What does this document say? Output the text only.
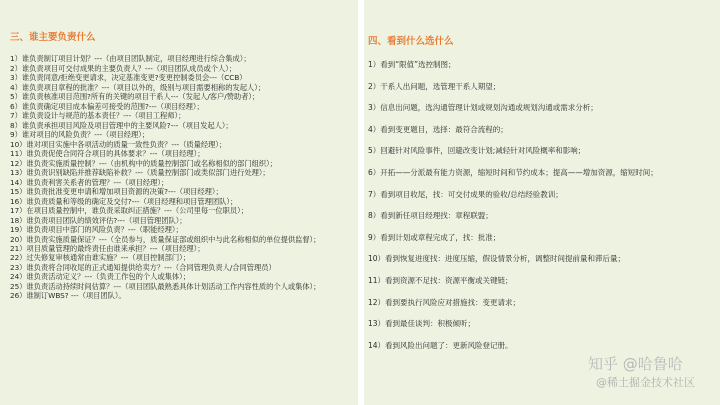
三、谁主要负责什么
1）谁负责制订项目计划？---（由项目团队制定，项目经理进行综合集成）；
2）谁负责项目可交付成果的主要负责人？---（项目团队成员或个人）；
3）谁负责同意/拒绝变更请求，决定基准变更?变更控制委员会---（CCB）
4）谁负责项目章程的批准？---（项目以外的，级别与项目需要相称的发起人）；
5）谁负责核准项目范围?所有的关键的项目干系人---（发起人/客户/赞助者）；
6）谁负责确定项目成本偏差可接受的范围?---（项目经理）；
7）谁负责设计与规范的基本责任？---（项目工程师）；
8）谁负责承担项目风险及项目管理中的主要风险?---（项目发起人）；
9）谁对项目的风险负责？---（项目经理）；
10）谁对项目实施中各项活动的质量一致性负责？---（质量经理）；
11）谁负责促使合同符合项目的具体要求？---（项目经理）；
12）谁负责实施质量控制？---（由机构中的质量控制部门或名称相似的部门组织）；
13）谁负责识别缺陷并推荐缺陷补救？---（质量控制部门或类似部门进行处理）；
14）谁负责利害关系者的管理？---（项目经理）；
15）谁负责批准变更申请和增加项目资源的决策?---（项目经理）；
16）谁负责质量和等级的确定及交付?---（项目经理和项目管理团队）；
17）在项目质量控制中，谁负责采取纠正措施？---（公司里每一位职员）；
18）谁负责项目团队的绩效评估?---（项目管理团队）；
19）谁负责项目中部门的风险负责？---（职能经理）；
20）谁负责实施质量保证？---（全员参与，质量保证部或组织中与此名称相似的单位提供监督）；
21）项目质量管理的最终责任由谁来承担？---（项目经理）；
22）过失修复审核通常由谁实施？---（项目控制部门）；
23）谁负责将合同收尾的正式通知提供给卖方？---（合同管理负责人/合同管理员）
24）谁负责活动定义？---（负责工作包的个人或集体）；
25）谁负责活动持续时间估算？---（项目团队最熟悉具体计划活动工作内容性质的个人或集体）；
26）谁制订WBS? ---（项目团队）。
四、看到什么选什么
1）看到“限值”选控制图；
2）干系人出问题，选管理干系人期望；
3）信息出问题，选沟通管理计划或规划沟通或规划沟通或需求分析；
4）看到变更题目，选择：最符合流程的；
5）回避针对风险事件，回避改变计划;减轻针对风险概率和影响；
6）开拓——分派最有能力资源，缩短时间和节约成本；提高——增加资源，缩短时间；
7）看到项目收尾，找：可交付成果的验收/总结经验教训；
8）看到新任项目经理找：章程联盟；
9）看到计划或章程完成了，找：批准；
10）看到恢复进度找：进度压缩，假设情景分析，调整时间提前量和滞后量；
11）看到资源不足找：资源平衡或关键链；
12）看到要执行风险应对措施找：变更请求；
13）看到最佳谈判：积极倾听；
14）看到风险出问题了：更新风险登记册。
知乎 @哈鲁哈
@稀土掘金技术社区
